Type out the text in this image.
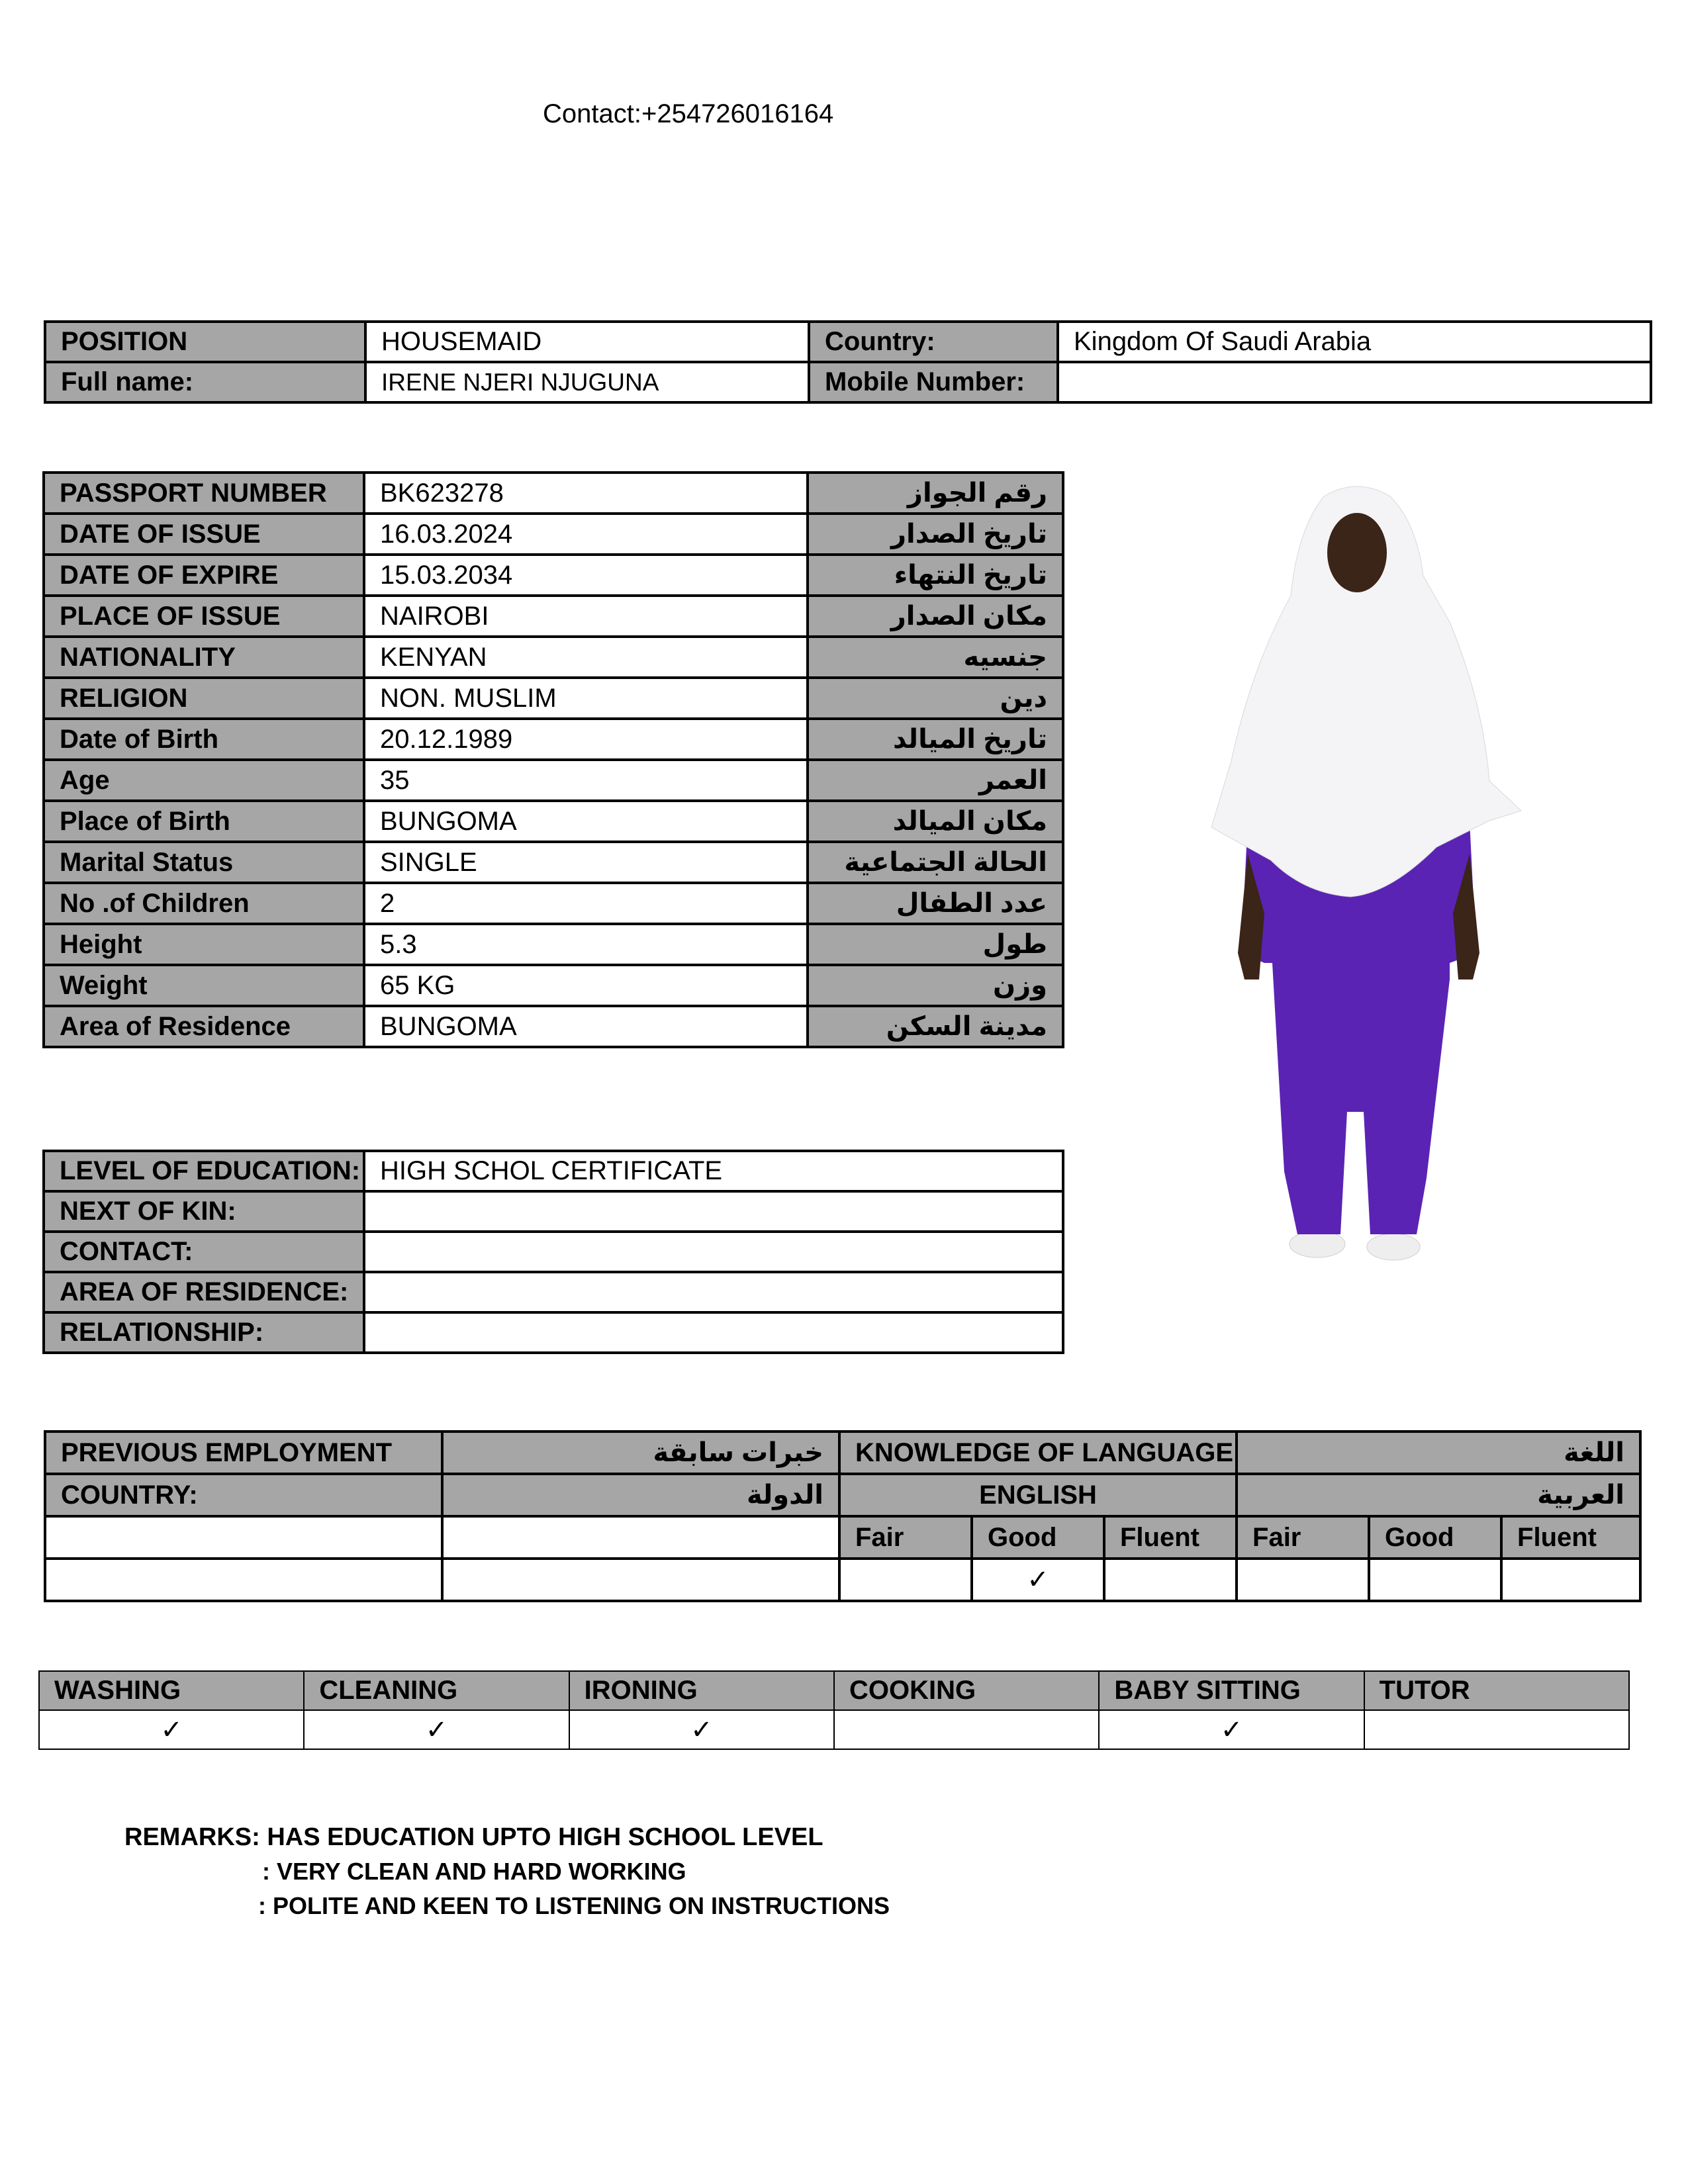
Contact:+254726016164
POSITION	HOUSEMAID	Country:	Kingdom Of Saudi Arabia
Full name:	IRENE NJERI NJUGUNA	Mobile Number:	
PASSPORT NUMBER	BK623278	رقم الجواز
DATE OF ISSUE	16.03.2024	تاريخ الصدار
DATE OF EXPIRE	15.03.2034	تاريخ النتهاء
PLACE OF ISSUE	NAIROBI	مكان الصدار
NATIONALITY	KENYAN	جنسيه
RELIGION	NON. MUSLIM	دين
Date of Birth	20.12.1989	تاريخ الميالد
Age	35	العمر
Place of Birth	BUNGOMA	مكان الميالد
Marital Status	SINGLE	الحالة الجتماعية
No .of Children	2	عدد الطفال
Height	5.3	طول
Weight	65 KG	وزن
Area of Residence	BUNGOMA	مدينة السكن
LEVEL OF EDUCATION:	HIGH SCHOL CERTIFICATE
NEXT OF KIN:	
CONTACT:	
AREA OF RESIDENCE:	
RELATIONSHIP:	
PREVIOUS EMPLOYMENT	خبرات سابقة	KNOWLEDGE OF LANGUAGE			اللغة		
COUNTRY:	الدولة	ENGLISH			العربية		
		Fair	Good	Fluent	Fair	Good	Fluent
			✓				
WASHING	CLEANING	IRONING	COOKING	BABY SITTING	TUTOR
✓	✓	✓		✓	
REMARKS: HAS EDUCATION UPTO HIGH SCHOOL LEVEL
: VERY CLEAN AND HARD WORKING
: POLITE AND KEEN TO LISTENING ON INSTRUCTIONS
